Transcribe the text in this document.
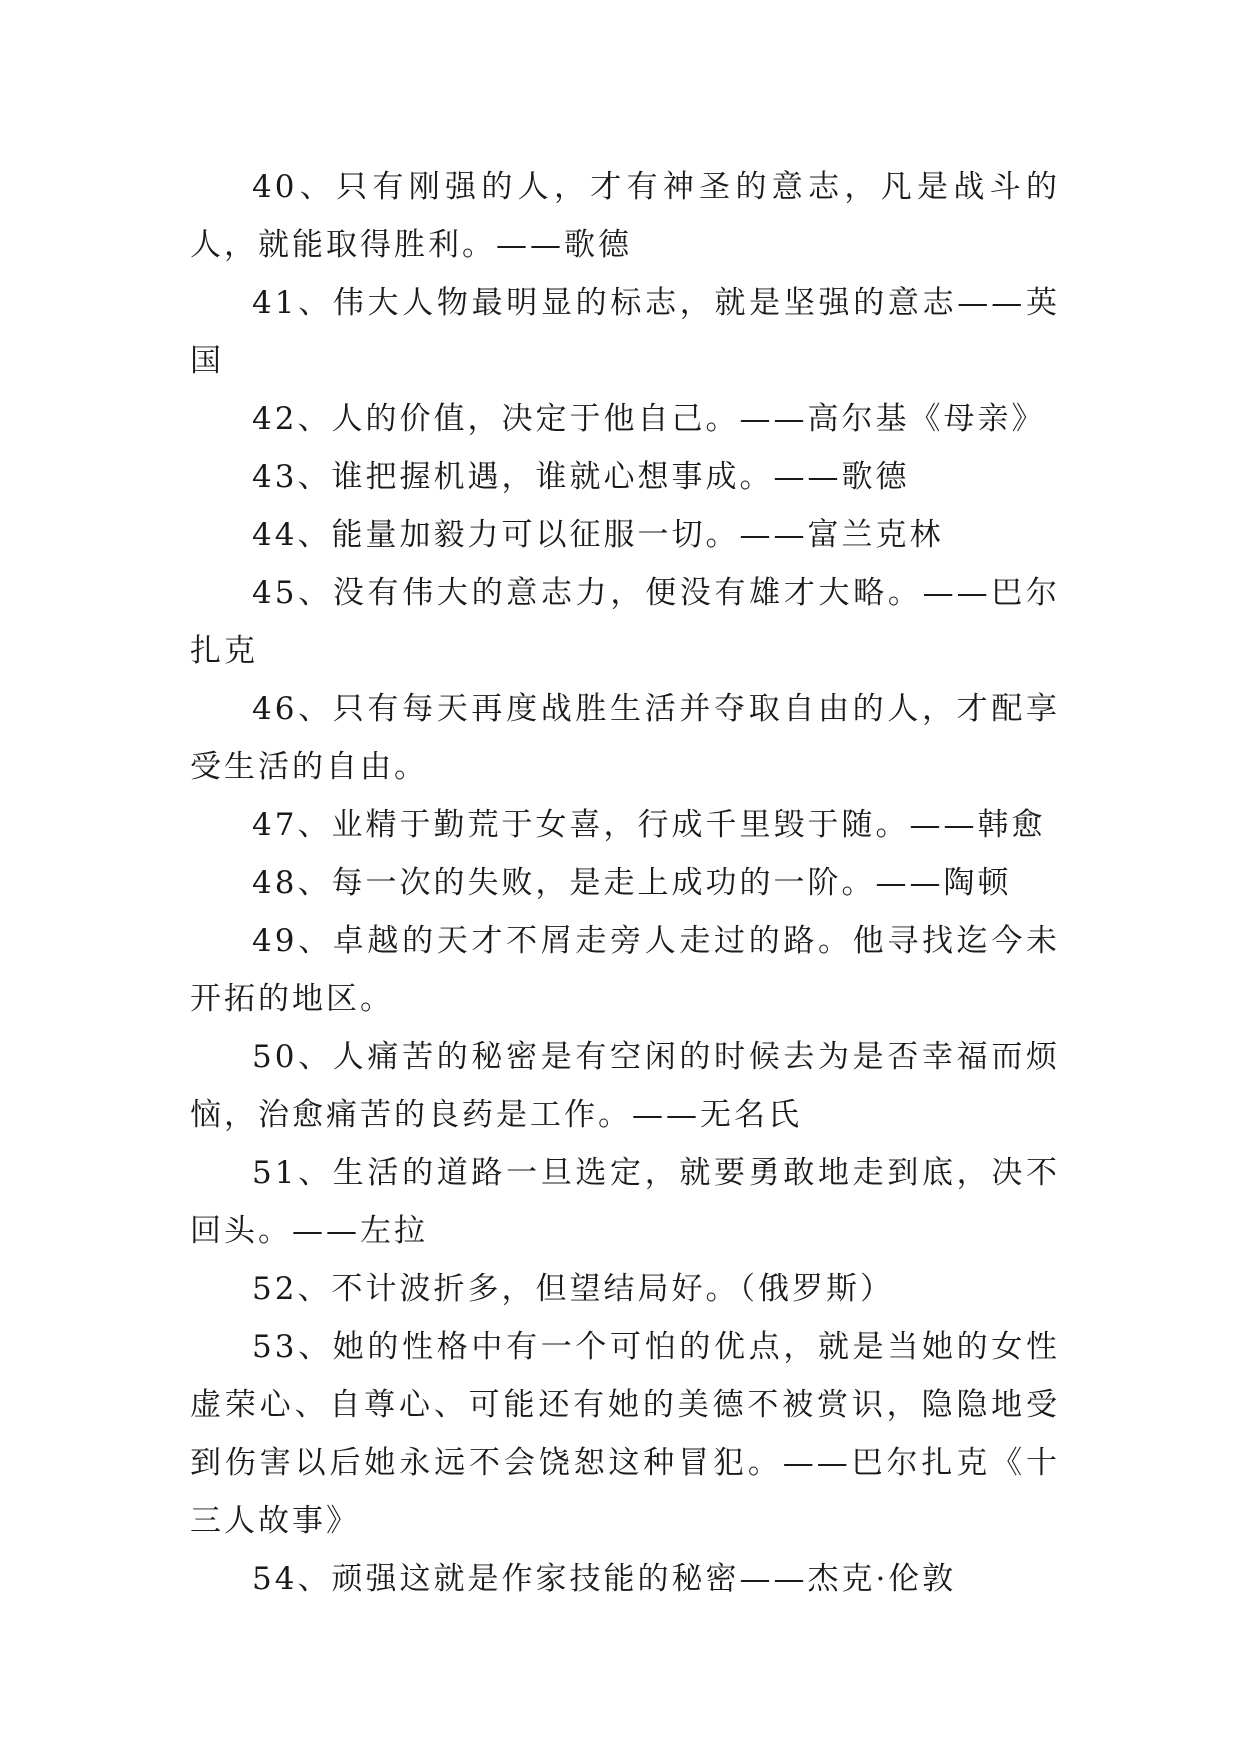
40、只有刚强的人，才有神圣的意志，凡是战斗的人，就能取得胜利。——歌德

41、伟大人物最明显的标志，就是坚强的意志——英国

42、人的价值，决定于他自己。——高尔基《母亲》

43、谁把握机遇，谁就心想事成。——歌德

44、能量加毅力可以征服一切。——富兰克林

45、没有伟大的意志力，便没有雄才大略。——巴尔扎克

46、只有每天再度战胜生活并夺取自由的人，才配享受生活的自由。

47、业精于勤荒于女喜，行成千里毁于随。——韩愈

48、每一次的失败，是走上成功的一阶。——陶顿

49、卓越的天才不屑走旁人走过的路。他寻找迄今未开拓的地区。

50、人痛苦的秘密是有空闲的时候去为是否幸福而烦恼，治愈痛苦的良药是工作。——无名氏

51、生活的道路一旦选定，就要勇敢地走到底，决不回头。——左拉

52、不计波折多，但望结局好。（俄罗斯）

53、她的性格中有一个可怕的优点，就是当她的女性虚荣心、自尊心、可能还有她的美德不被赏识，隐隐地受到伤害以后她永远不会饶恕这种冒犯。——巴尔扎克《十三人故事》

54、顽强这就是作家技能的秘密——杰克·伦敦
